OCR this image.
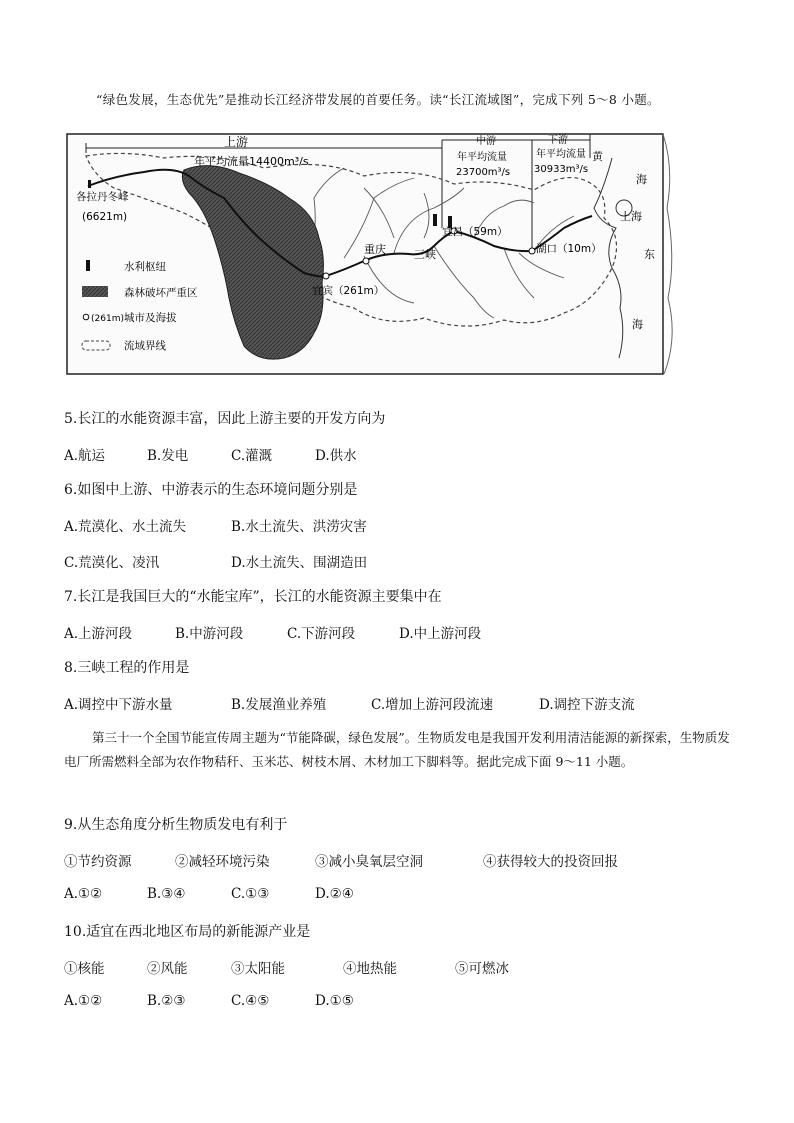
“绿色发展，生态优先”是推动长江经济带发展的首要任务。读“长江流域图”，完成下列 5～8 小题。
上游
年平均流量14400m³/s
中游
年平均流量
23700m³/s
下游
年平均流量
30933m³/s
各拉丹冬峰
(6621m)
重庆	三峡
宜昌（59m）
宜宾（261m）
湖口（10m）
上海
黄
海
东
海
水利枢纽
森林破坏严重区
(261m) 城市及海拔
流域界线
5.长江的水能资源丰富，因此上游主要的开发方向为
A.航运	B.发电	C.灌溉	D.供水
6.如图中上游、中游表示的生态环境问题分别是
A.荒漠化、水土流失	B.水土流失、洪涝灾害
C.荒漠化、凌汛	D.水土流失、围湖造田
7.长江是我国巨大的“水能宝库”，长江的水能资源主要集中在
A.上游河段	B.中游河段	C.下游河段	D.中上游河段
8.三峡工程的作用是
A.调控中下游水量	B.发展渔业养殖	C.增加上游河段流速	D.调控下游支流
第三十一个全国节能宣传周主题为“节能降碳，绿色发展”。生物质发电是我国开发利用清洁能源的新探索，生物质发电厂所需燃料全部为农作物秸秆、玉米芯、树枝木屑、木材加工下脚料等。据此完成下面 9～11 小题。
9.从生态角度分析生物质发电有利于
①节约资源	②减轻环境污染	③减小臭氧层空洞	④获得较大的投资回报
A.①②	B.③④	C.①③	D.②④
10.适宜在西北地区布局的新能源产业是
①核能	②风能	③太阳能	④地热能	⑤可燃冰
A.①②	B.②③	C.④⑤	D.①⑤
